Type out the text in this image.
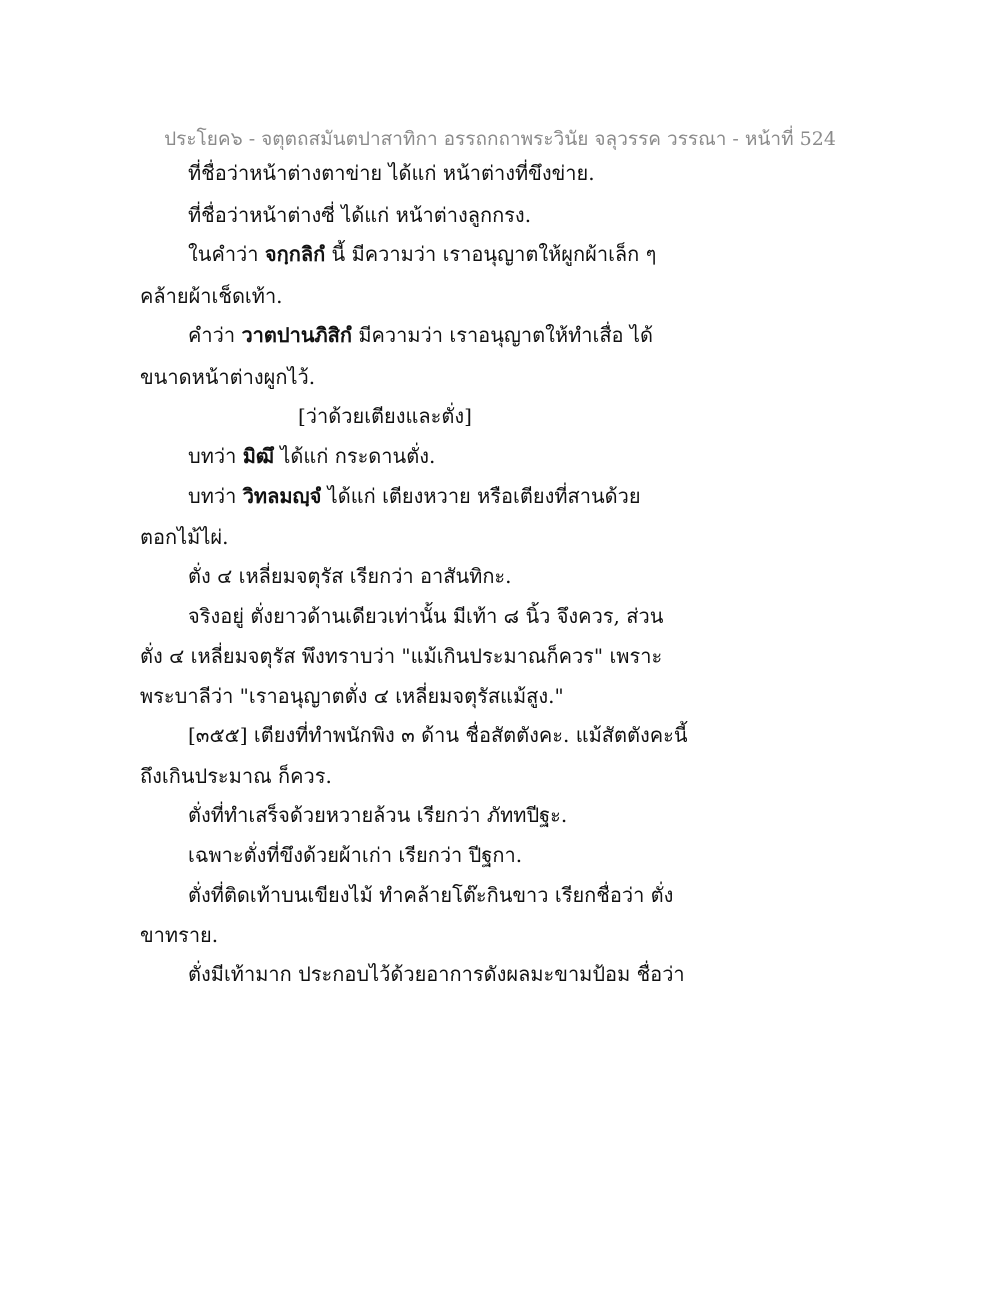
ประโยค๖ - จตุตถสมันตปาสาทิกา อรรถกถาพระวินัย จลุวรรค วรรณา - หน้าที่ 524
ที่ชื่อว่าหน้าต่างตาข่าย ได้แก่ หน้าต่างที่ขึงข่าย.
ที่ชื่อว่าหน้าต่างซี่ ได้แก่ หน้าต่างลูกกรง.
ในคำว่า จกฺกลิกํ นี้ มีความว่า เราอนุญาตให้ผูกผ้าเล็ก ๆ
คล้ายผ้าเช็ดเท้า.
คำว่า วาตปานภิสิกํ มีความว่า เราอนุญาตให้ทำเสื่อ ได้
ขนาดหน้าต่างผูกไว้.
[ว่าด้วยเตียงและตั่ง]
บทว่า มิฒึ ได้แก่ กระดานตั่ง.
บทว่า วิทลมญฺจํ ได้แก่ เตียงหวาย หรือเตียงที่สานด้วย
ตอกไม้ไผ่.
ตั่ง ๔ เหลี่ยมจตุรัส เรียกว่า อาสันทิกะ.
จริงอยู่ ตั่งยาวด้านเดียวเท่านั้น มีเท้า ๘ นิ้ว จึงควร, ส่วน
ตั่ง ๔ เหลี่ยมจตุรัส พึงทราบว่า "แม้เกินประมาณก็ควร" เพราะ
พระบาลีว่า "เราอนุญาตตั่ง ๔ เหลี่ยมจตุรัสแม้สูง."
[๓๕๕] เตียงที่ทำพนักพิง ๓ ด้าน ชื่อสัตตังคะ. แม้สัตตังคะนี้
ถึงเกินประมาณ ก็ควร.
ตั่งที่ทำเสร็จด้วยหวายล้วน เรียกว่า ภัททปีฐะ.
เฉพาะตั่งที่ขึงด้วยผ้าเก่า เรียกว่า ปีฐกา.
ตั่งที่ติดเท้าบนเขียงไม้ ทำคล้ายโต๊ะกินขาว เรียกชื่อว่า ตั่ง
ขาทราย.
ตั่งมีเท้ามาก ประกอบไว้ด้วยอาการดังผลมะขามป้อม ชื่อว่า
